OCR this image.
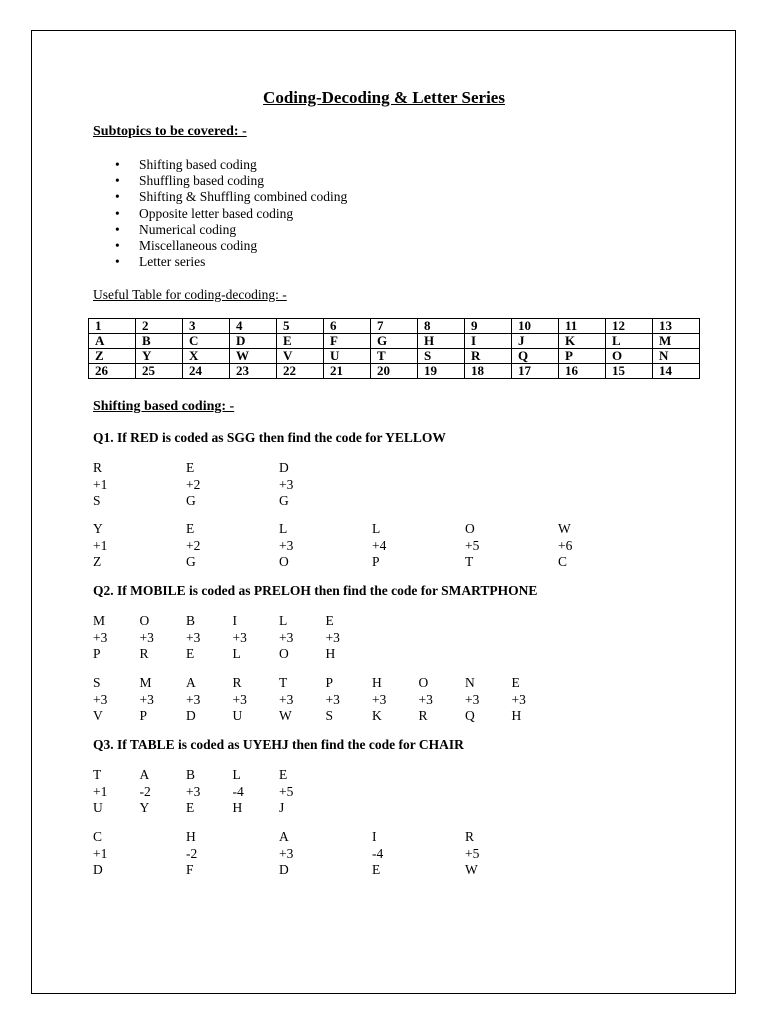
Coding-Decoding & Letter Series
Subtopics to be covered: -
• Shifting based coding
• Shuffling based coding
• Shifting & Shuffling combined coding
• Opposite letter based coding
• Numerical coding
• Miscellaneous coding
• Letter series
Useful Table for coding-decoding: -
1	2	3	4	5	6	7	8	9	10	11	12	13
A	B	C	D	E	F	G	H	I	J	K	L	M
Z	Y	X	W	V	U	T	S	R	Q	P	O	N
26	25	24	23	22	21	20	19	18	17	16	15	14
Shifting based coding: -
Q1. If RED is coded as SGG then find the code for YELLOW
R	E	D
+1	+2	+3
S	G	G
Y	E	L	L	O	W
+1	+2	+3	+4	+5	+6
Z	G	O	P	T	C
Q2. If MOBILE is coded as PRELOH then find the code for SMARTPHONE
M	O	B	I	L	E
+3 +3 +3 +3 +3 +3
P	R	E	L	O	H
S	M	A	R	T	P	H	O	N	E
+3 +3 +3 +3 +3 +3 +3 +3 +3 +3
V	P	D	U	W	S	K	R	Q	H
Q3. If TABLE is coded as UYEHJ then find the code for CHAIR
T	A	B	L	E
+1 -2	+3 -4	+5
U	Y	E	H	J
C	H	A	I	R
+1	-2	+3	-4	+5
D	F	D	E	W
